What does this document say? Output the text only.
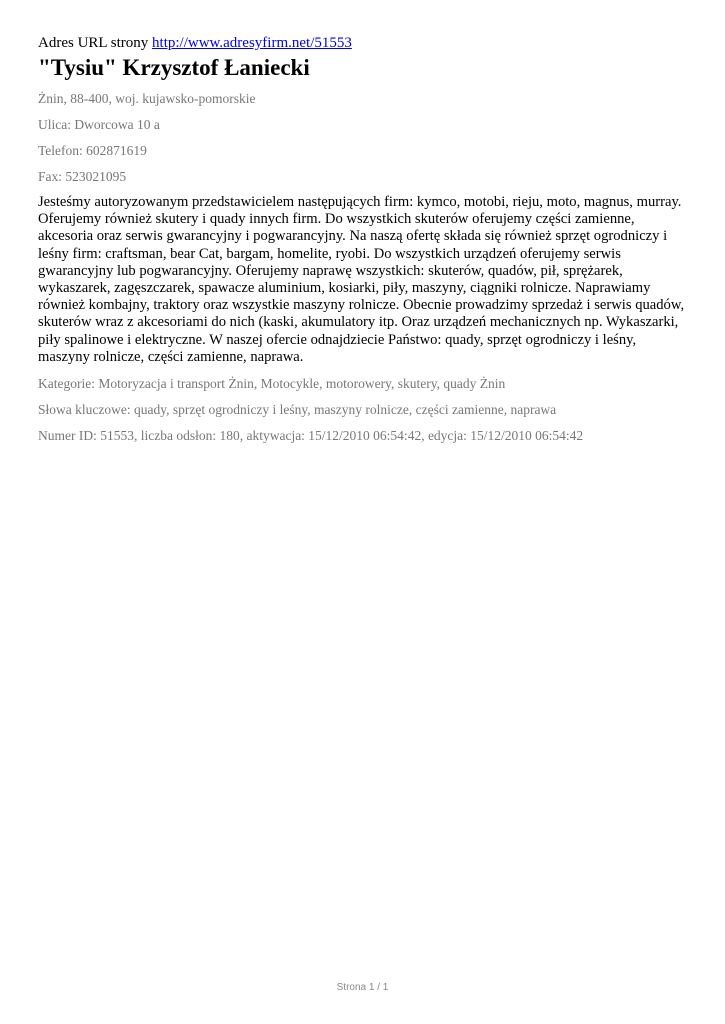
Adres URL strony http://www.adresyfirm.net/51553
"Tysiu" Krzysztof Łaniecki
Żnin, 88-400, woj. kujawsko-pomorskie
Ulica: Dworcowa 10 a
Telefon: 602871619
Fax: 523021095
Jesteśmy autoryzowanym przedstawicielem następujących firm: kymco, motobi, rieju, moto, magnus, murray. Oferujemy również skutery i quady innych firm. Do wszystkich skuterów oferujemy części zamienne, akcesoria oraz serwis gwarancyjny i pogwarancyjny. Na naszą ofertę składa się również sprzęt ogrodniczy i leśny firm: craftsman, bear Cat, bargam, homelite, ryobi. Do wszystkich urządzeń oferujemy serwis gwarancyjny lub pogwarancyjny. Oferujemy naprawę wszystkich: skuterów, quadów, pił, sprężarek, wykaszarek, zagęszczarek, spawacze aluminium, kosiarki, piły, maszyny, ciągniki rolnicze. Naprawiamy również kombajny, traktory oraz wszystkie maszyny rolnicze. Obecnie prowadzimy sprzedaż i serwis quadów, skuterów wraz z akcesoriami do nich (kaski, akumulatory itp. Oraz urządzeń mechanicznych np. Wykaszarki, piły spalinowe i elektryczne. W naszej ofercie odnajdziecie Państwo: quady, sprzęt ogrodniczy i leśny, maszyny rolnicze, części zamienne, naprawa.
Kategorie: Motoryzacja i transport Żnin, Motocykle, motorowery, skutery, quady Żnin
Słowa kluczowe: quady, sprzęt ogrodniczy i leśny, maszyny rolnicze, części zamienne, naprawa
Numer ID: 51553, liczba odsłon: 180, aktywacja: 15/12/2010 06:54:42, edycja: 15/12/2010 06:54:42
Strona 1 / 1
